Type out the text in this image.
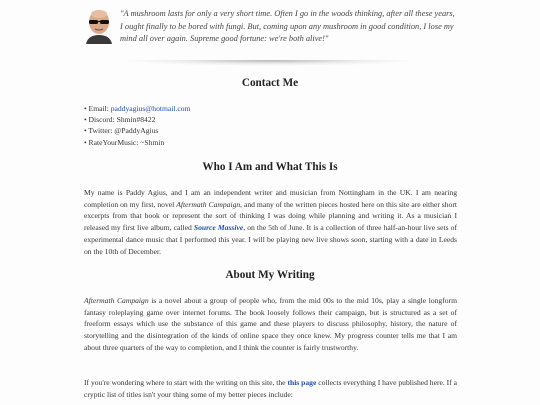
"A mushroom lasts for only a very short time. Often I go in the woods thinking, after all these years, I ought finally to be bored with fungi. But, coming upon any mushroom in good condition, I lose my mind all over again. Supreme good fortune: we're both alive!"

Contact Me
• Email: paddyagius@hotmail.com
• Discord: Shmin#8422
• Twitter: @PaddyAgius
• RateYourMusic: ~Shmin
Who I Am and What This Is

My name is Paddy Agius, and I am an independent writer and musician from Nottingham in the UK. I am nearing completion on my first, novel Aftermath Campaign, and many of the written pieces hosted here on this site are either short excerpts from that book or represent the sort of thinking I was doing while planning and writing it. As a musician I released my first live album, called Source Massive, on the 5th of June. It is a collection of three half-an-hour live sets of experimental dance music that I performed this year. I will be playing new live shows soon, starting with a date in Leeds on the 10th of December.

About My Writing

Aftermath Campaign is a novel about a group of people who, from the mid 00s to the mid 10s, play a single longform fantasy roleplaying game over internet forums. The book loosely follows their campaign, but is structured as a set of freeform essays which use the substance of this game and these players to discuss philosophy, history, the nature of storytelling and the disintegration of the kinds of online space they once knew. My progress counter tells me that I am about three quarters of the way to completion, and I think the counter is fairly trustworthy.

If you're wondering where to start with the writing on this site, the this page collects everything I have published here. If a cryptic list of titles isn't your thing some of my better pieces include:
